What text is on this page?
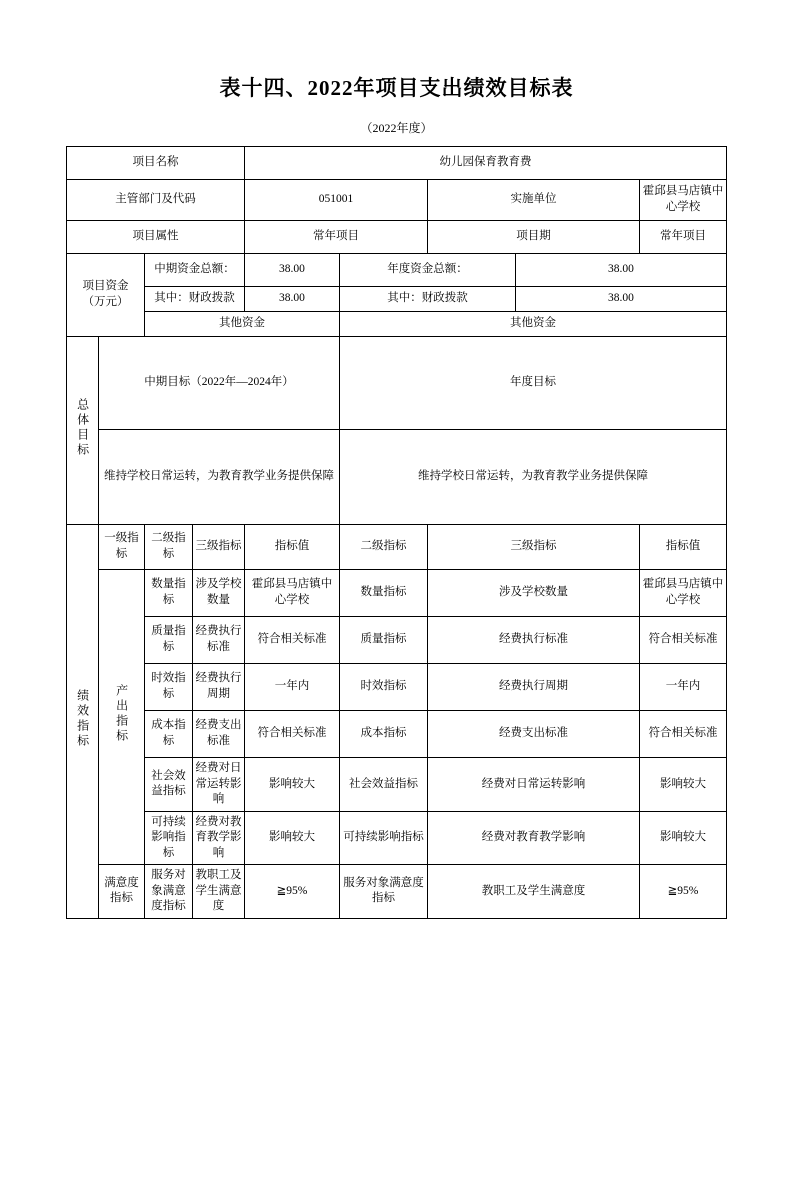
表十四、2022年项目支出绩效目标表
（2022年度）
项目名称				幼儿园保育教育费				
主管部门及代码				051001		实施单位		霍邱县马店镇中心学校
项目属性				常年项目		项目期		常年项目

项目资金
（万元）		中期资金总额：		38.00	年度资金总额：		38.00	
		其中：财政拨款		38.00	其中：财政拨款		38.00	
		其他资金			其他资金			
总体目标	中期目标（2022年—2024年）				年度目标			
	维持学校日常运转，为教育教学业务提供保障				维持学校日常运转，为教育教学业务提供保障			
绩效指标	一级指标	二级指标	三级指标	指标值	二级指标	三级指标		指标值
	产出指标	数量指标	涉及学校数量	霍邱县马店镇中心学校	数量指标	涉及学校数量		霍邱县马店镇中心学校
		质量指标	经费执行标准	符合相关标准	质量指标	经费执行标准		符合相关标准
		时效指标	经费执行周期	一年内	时效指标	经费执行周期		一年内
		成本指标	经费支出标准	符合相关标准	成本指标	经费支出标准		符合相关标准
		社会效益指标	经费对日常运转影响	影响较大	社会效益指标	经费对日常运转影响		影响较大
		可持续影响指标	经费对教育教学影响	影响较大	可持续影响指标	经费对教育教学影响		影响较大
	满意度指标	服务对象满意度指标	教职工及学生满意度	≧95%	服务对象满意度指标	教职工及学生满意度		≧95%
